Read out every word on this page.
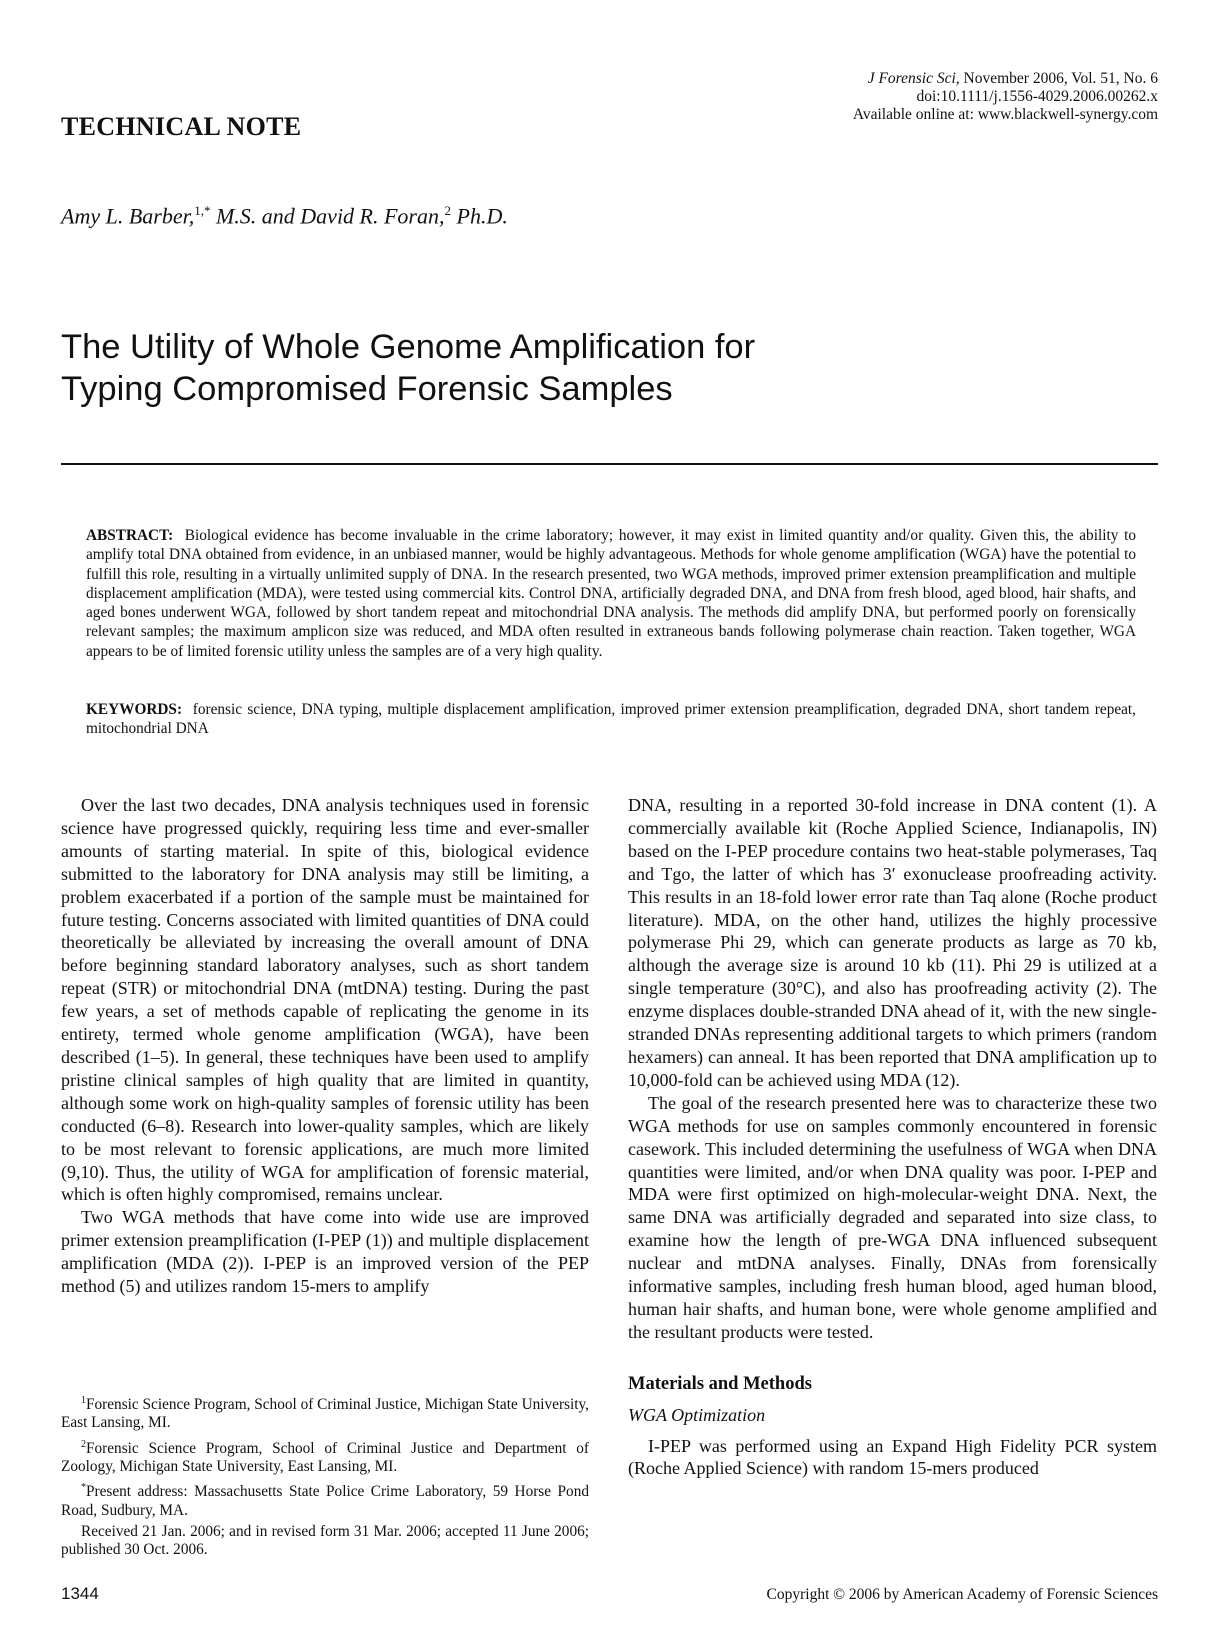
J Forensic Sci, November 2006, Vol. 51, No. 6
doi:10.1111/j.1556-4029.2006.00262.x
Available online at: www.blackwell-synergy.com
TECHNICAL NOTE
Amy L. Barber,$^{1,*}$ M.S. and David R. Foran,$^2$ Ph.D.
The Utility of Whole Genome Amplification for
Typing Compromised Forensic Samples
ABSTRACT: Biological evidence has become invaluable in the crime laboratory; however, it may exist in limited quantity and/or quality. Given this, the ability to amplify total DNA obtained from evidence, in an unbiased manner, would be highly advantageous. Methods for whole genome amplification (WGA) have the potential to fulfill this role, resulting in a virtually unlimited supply of DNA. In the research presented, two WGA methods, improved primer extension preamplification and multiple displacement amplification (MDA), were tested using commercial kits. Control DNA, artificially degraded DNA, and DNA from fresh blood, aged blood, hair shafts, and aged bones underwent WGA, followed by short tandem repeat and mitochondrial DNA analysis. The methods did amplify DNA, but performed poorly on forensically relevant samples; the maximum amplicon size was reduced, and MDA often resulted in extraneous bands following polymerase chain reaction. Taken together, WGA appears to be of limited forensic utility unless the samples are of a very high quality.
KEYWORDS: forensic science, DNA typing, multiple displacement amplification, improved primer extension preamplification, degraded DNA, short tandem repeat, mitochondrial DNA

Over the last two decades, DNA analysis techniques used in forensic science have progressed quickly, requiring less time and ever-smaller amounts of starting material. In spite of this, biological evidence submitted to the laboratory for DNA analysis may still be limiting, a problem exacerbated if a portion of the sample must be maintained for future testing. Concerns associated with limited quantities of DNA could theoretically be alleviated by increasing the overall amount of DNA before beginning standard laboratory analyses, such as short tandem repeat (STR) or mitochondrial DNA (mtDNA) testing. During the past few years, a set of methods capable of replicating the genome in its entirety, termed whole genome amplification (WGA), have been described (1–5). In general, these techniques have been used to amplify pristine clinical samples of high quality that are limited in quantity, although some work on high-quality samples of forensic utility has been conducted (6–8). Research into lower-quality samples, which are likely to be most relevant to forensic applications, are much more limited (9,10). Thus, the utility of WGA for amplification of forensic material, which is often highly compromised, remains unclear.

Two WGA methods that have come into wide use are improved primer extension preamplification (I-PEP (1)) and multiple displacement amplification (MDA (2)). I-PEP is an improved version of the PEP method (5) and utilizes random 15-mers to amplify

DNA, resulting in a reported 30-fold increase in DNA content (1). A commercially available kit (Roche Applied Science, Indianapolis, IN) based on the I-PEP procedure contains two heat-stable polymerases, Taq and Tgo, the latter of which has 3′ exonuclease proofreading activity. This results in an 18-fold lower error rate than Taq alone (Roche product literature). MDA, on the other hand, utilizes the highly processive polymerase Phi 29, which can generate products as large as 70 kb, although the average size is around 10 kb (11). Phi 29 is utilized at a single temperature (30°C), and also has proofreading activity (2). The enzyme displaces double-stranded DNA ahead of it, with the new single-stranded DNAs representing additional targets to which primers (random hexamers) can anneal. It has been reported that DNA amplification up to 10,000-fold can be achieved using MDA (12).

The goal of the research presented here was to characterize these two WGA methods for use on samples commonly encountered in forensic casework. This included determining the usefulness of WGA when DNA quantities were limited, and/or when DNA quality was poor. I-PEP and MDA were first optimized on high-molecular-weight DNA. Next, the same DNA was artificially degraded and separated into size class, to examine how the length of pre-WGA DNA influenced subsequent nuclear and mtDNA analyses. Finally, DNAs from forensically informative samples, including fresh human blood, aged human blood, human hair shafts, and human bone, were whole genome amplified and the resultant products were tested.

Materials and Methods
WGA Optimization

I-PEP was performed using an Expand High Fidelity PCR system (Roche Applied Science) with random 15-mers produced

$^1$Forensic Science Program, School of Criminal Justice, Michigan State University, East Lansing, MI.

$^2$Forensic Science Program, School of Criminal Justice and Department of Zoology, Michigan State University, East Lansing, MI.

*Present address: Massachusetts State Police Crime Laboratory, 59 Horse Pond Road, Sudbury, MA.

Received 21 Jan. 2006; and in revised form 31 Mar. 2006; accepted 11 June 2006; published 30 Oct. 2006.

1344	Copyright © 2006 by American Academy of Forensic Sciences
